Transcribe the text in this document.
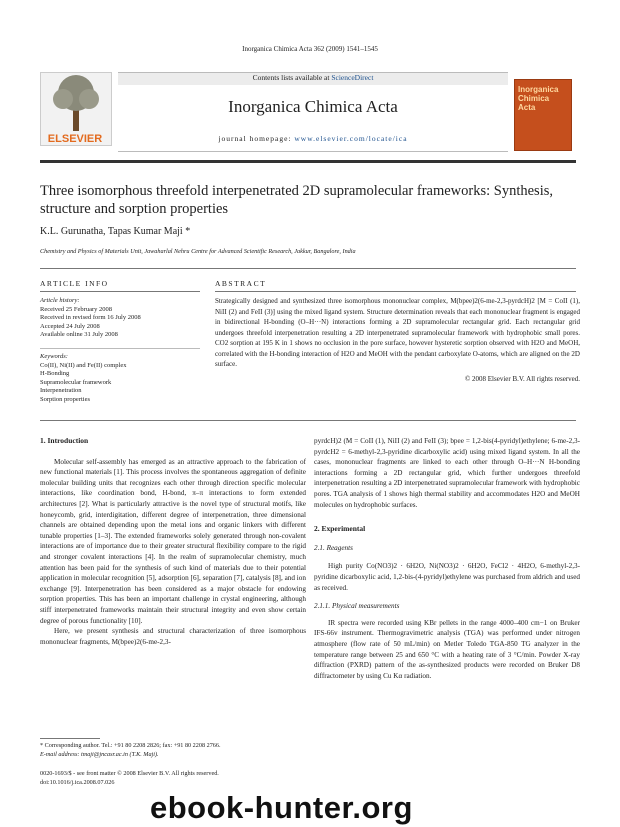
Inorganica Chimica Acta 362 (2009) 1541–1545
ELSEVIER
Contents lists available at ScienceDirect
Inorganica Chimica Acta
journal homepage: www.elsevier.com/locate/ica
Inorganica Chimica Acta
Three isomorphous threefold interpenetrated 2D supramolecular frameworks: Synthesis, structure and sorption properties
K.L. Gurunatha, Tapas Kumar Maji *
Chemistry and Physics of Materials Unit, Jawaharlal Nehru Centre for Advanced Scientific Research, Jakkur, Bangalore, India
ARTICLE INFO
Article history:
Received 25 February 2008
Received in revised form 16 July 2008
Accepted 24 July 2008
Available online 31 July 2008
Keywords:
Co(II), Ni(II) and Fe(II) complex
H-Bonding
Supramolecular framework
Interpenetration
Sorption properties
ABSTRACT
Strategically designed and synthesized three isomorphous mononuclear complex, M(bpee)2(6-me-2,3-pyrdcH)2 [M = CoII (1), NiII (2) and FeII (3)] using the mixed ligand system. Structure determination reveals that each mononuclear fragment is engaged in bidirectional H-bonding (O–H···N) interactions forming a 2D supramolecular rectangular grid. Each rectangular grid undergoes threefold interpenetration resulting a 2D interpenetrated supramolecular framework with hydrophobic small pores. CO2 sorption at 195 K in 1 shows no occlusion in the pore surface, however hysteretic sorption observed with H2O and MeOH, correlated with the H-bonding interaction of H2O and MeOH with the pendant carboxylate O-atoms, which are aligned on the 2D surface.
© 2008 Elsevier B.V. All rights reserved.
1. Introduction

Molecular self-assembly has emerged as an attractive approach to the fabrication of new functional materials [1]. This process involves the spontaneous aggregation of definite molecular building units that recognizes each other through direction specific molecular interactions, like coordination bond, H-bond, π–π interactions to form extended architectures [2]. What is particularly attractive is the novel type of structural motifs, like honeycomb, grid, interdigitation, different degree of interpenetration, three dimensional channels are obtained depending upon the metal ions and organic linkers with different tunable properties [1–3]. The extended frameworks solely generated through non-covalent interactions are of importance due to their greater structural flexibility compare to the rigid and stronger covalent interactions [4]. In the realm of supramolecular chemistry, much attention has been paid for the synthesis of such kind of materials due to their potential application in molecular recognition [5], adsorption [6], separation [7], catalysis [8], and ion exchange [9]. Interpenetration has been considered as a major obstacle for endowing sorption properties. This has been an important challenge in crystal engineering, although stiff interpenetrated frameworks maintain their structural integrity and even show certain degree of porous functionality [10].

Here, we present synthesis and structural characterization of three isomorphous mononuclear fragments, M(bpee)2(6-me-2,3-

pyrdcH)2 (M = CoII (1), NiII (2) and FeII (3); bpee = 1,2-bis(4-pyridyl)ethylene; 6-me-2,3-pyrdcH2 = 6-methyl-2,3-pyridine dicarboxylic acid) using mixed ligand system. In all the cases, mononuclear fragments are linked to each other through O–H···N H-bonding interactions forming a 2D rectangular grid, which further undergoes threefold interpenetration resulting a 2D interpenetrated supramolecular framework with hydrophobic pores. TGA analysis of 1 shows high thermal stability and accommodates H2O and MeOH molecules on hydrophobic surfaces.

2. Experimental
2.1. Reagents

High purity Co(NO3)2 · 6H2O, Ni(NO3)2 · 6H2O, FeCl2 · 4H2O, 6-methyl-2,3-pyridine dicarboxylic acid, 1,2-bis-(4-pyridyl)ethylene was purchased from aldrich and used as received.

2.1.1. Physical measurements

IR spectra were recorded using KBr pellets in the range 4000–400 cm−1 on Bruker IFS-66v instrument. Thermogravimetric analysis (TGA) was performed under nitrogen atmosphere (flow rate of 50 mL/min) on Metler Toledo TGA-850 TG analyzer in the temperature range between 25 and 650 °C with a heating rate of 3 °C/min. Powder X-ray diffraction (PXRD) pattern of the as-synthesized products were recorded on Bruker D8 diffractometer by using Cu Kα radiation.

* Corresponding author. Tel.: +91 80 2208 2826; fax: +91 80 2208 2766.
E-mail address: tmaji@jncasr.ac.in (T.K. Maji).
0020-1693/$ - see front matter © 2008 Elsevier B.V. All rights reserved.
doi:10.1016/j.ica.2008.07.026
ebook-hunter.org
